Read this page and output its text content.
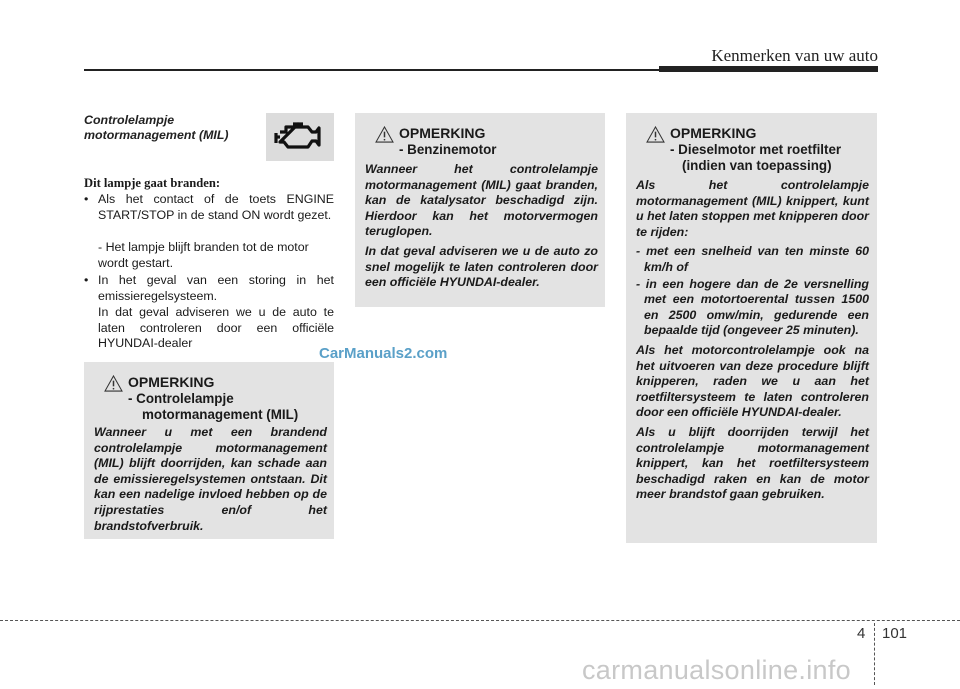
Kenmerken van uw auto
Controlelampje
motormanagement (MIL)
Dit lampje gaat branden:
• Als het contact of de toets ENGINE START/STOP in de stand ON wordt gezet.
- Het lampje blijft branden tot de motor wordt gestart.
• In het geval van een storing in het emissieregelsysteem.
In dat geval adviseren we u de auto te laten controleren door een officiële HYUNDAI-dealer
OPMERKING
- Controlelampje
motormanagement (MIL)

Wanneer u met een brandend controlelampje motormanagement (MIL) blijft doorrijden, kan schade aan de emissieregelsystemen ontstaan. Dit kan een nadelige invloed hebben op de rijprestaties en/of het brandstofverbruik.

OPMERKING
- Benzinemotor

Wanneer het controlelampje motormanagement (MIL) gaat branden, kan de katalysator beschadigd zijn. Hierdoor kan het motorvermogen teruglopen.

In dat geval adviseren we u de auto zo snel mogelijk te laten controleren door een officiële HYUNDAI-dealer.

OPMERKING
- Dieselmotor met roetfilter
(indien van toepassing)

Als het controlelampje motormanagement (MIL) knippert, kunt u het laten stoppen met knipperen door te rijden:

- met een snelheid van ten minste 60 km/h of

- in een hogere dan de 2e versnelling met een motortoerental tussen 1500 en 2500 omw/min, gedurende een bepaalde tijd (ongeveer 25 minuten).

Als het motorcontrolelampje ook na het uitvoeren van deze procedure blijft knipperen, raden we u aan het roetfiltersysteem te laten controleren door een officiële HYUNDAI-dealer.

Als u blijft doorrijden terwijl het controlelampje motormanagement knippert, kan het roetfiltersysteem beschadigd raken en kan de motor meer brandstof gaan gebruiken.

CarManuals2.com
4 101
carmanualsonline.info
